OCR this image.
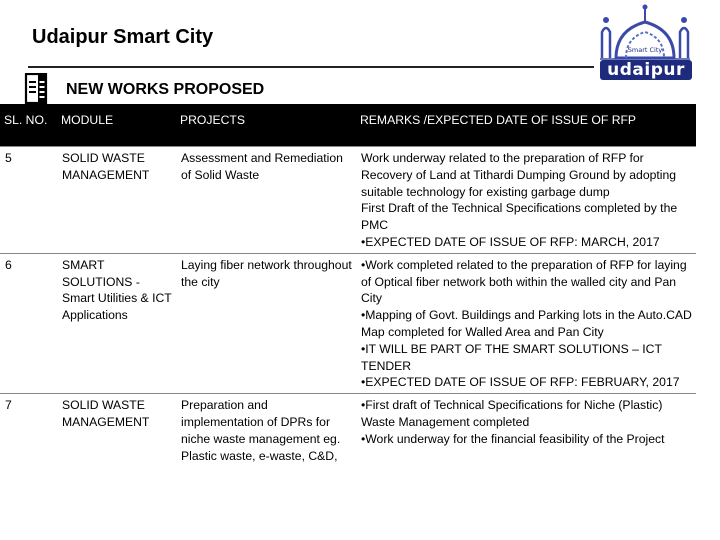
Udaipur Smart City
NEW WORKS PROPOSED
Smart City
udaipur
SL. NO.	MODULE	PROJECTS	REMARKS /EXPECTED DATE OF ISSUE OF RFP
5	SOLID WASTE MANAGEMENT	Assessment and Remediation of Solid Waste	Work underway related to the preparation of RFP for Recovery of Land at Tithardi Dumping Ground by adopting suitable technology for existing garbage dump
First Draft of the Technical Specifications completed by the PMC
•EXPECTED DATE OF ISSUE OF RFP: MARCH, 2017

6	SMART SOLUTIONS - Smart Utilities & ICT Applications	Laying fiber network throughout the city	•Work completed related to the preparation of RFP for laying of Optical fiber network both within the walled city and Pan City
•Mapping of Govt. Buildings and Parking lots in the Auto.CAD Map completed for Walled Area and Pan City
•IT WILL BE PART OF THE SMART SOLUTIONS – ICT TENDER
•EXPECTED DATE OF ISSUE OF RFP: FEBRUARY, 2017

7	SOLID WASTE MANAGEMENT	Preparation and implementation of DPRs for niche waste management eg. Plastic waste, e-waste, C&D,	•First draft of Technical Specifications for Niche (Plastic) Waste Management completed
•Work underway for the financial feasibility of the Project
